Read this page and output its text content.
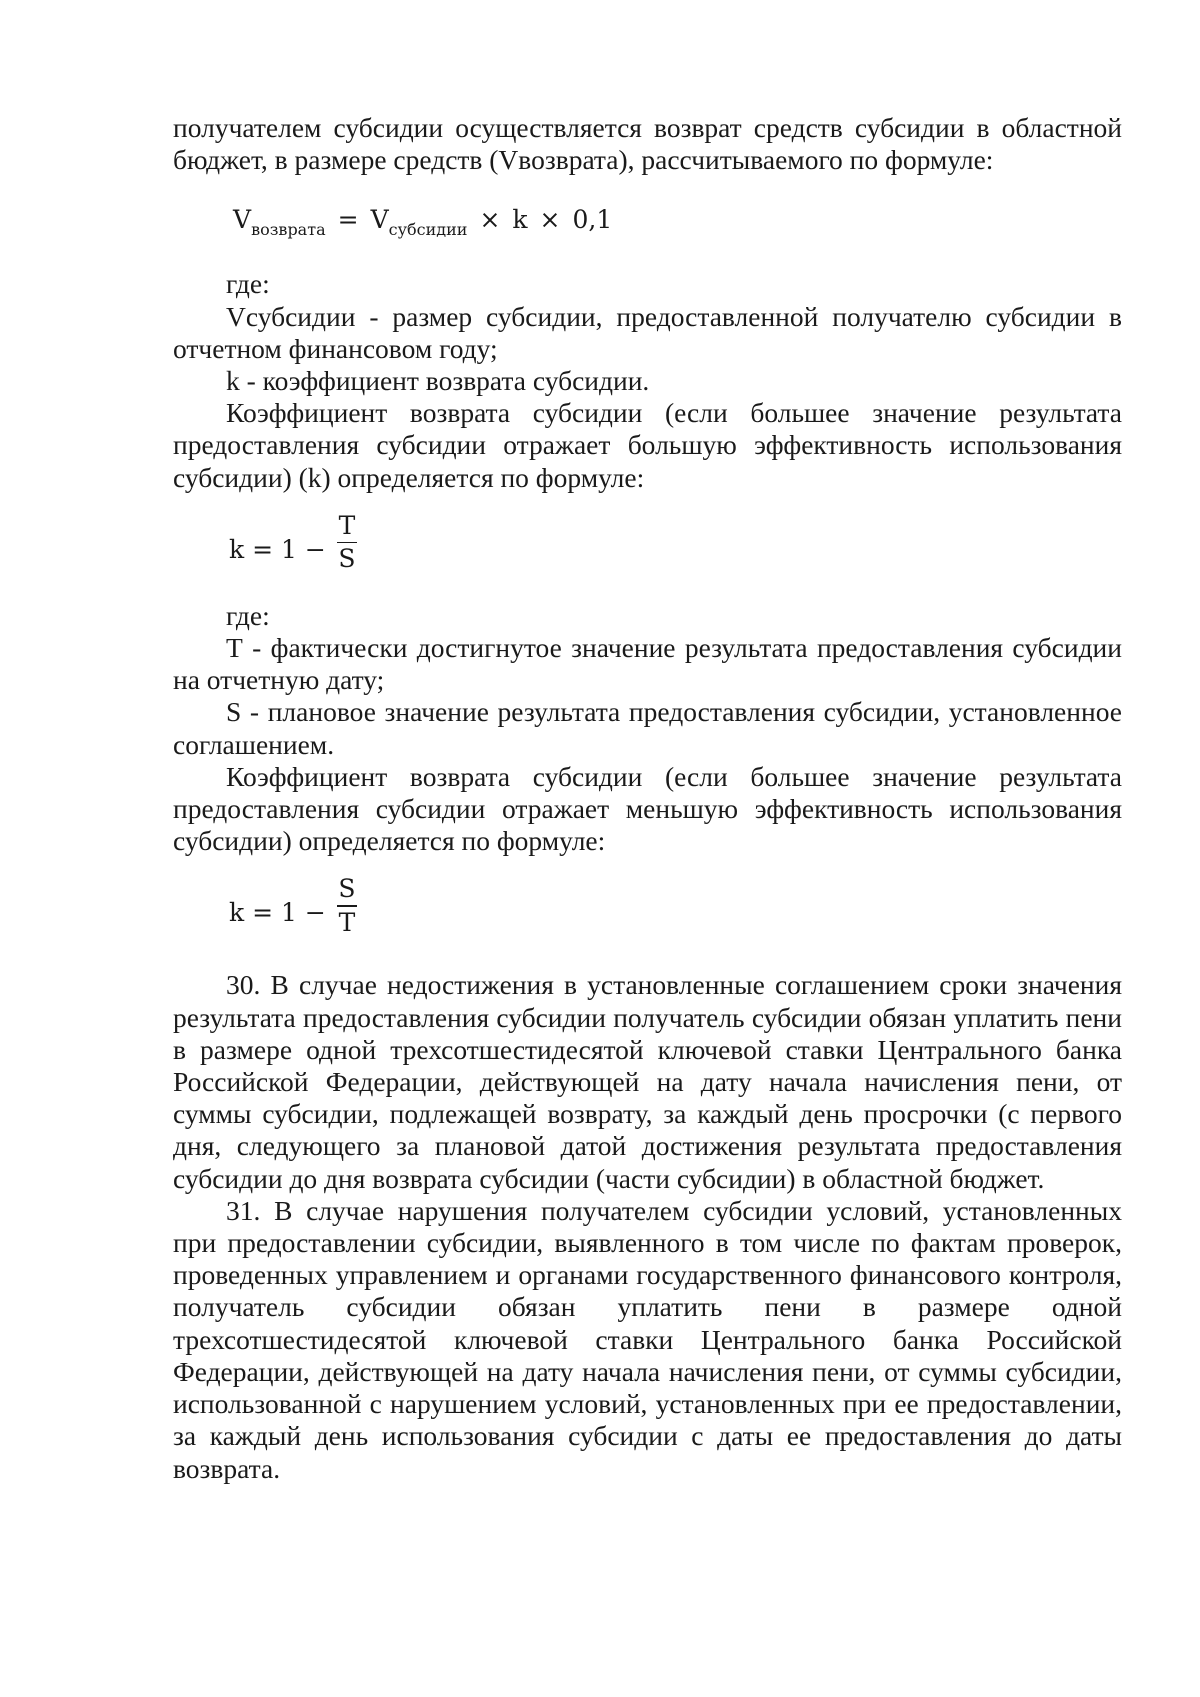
получателем субсидии осуществляется возврат средств субсидии в областной бюджет, в размере средств (Vвозврата), рассчитываемого по формуле:

$V_{возврата} = V_{субсидии} \times k \times 0,1$

где:

Vсубсидии - размер субсидии, предоставленной получателю субсидии в отчетном финансовом году;

k - коэффициент возврата субсидии.

Коэффициент возврата субсидии (если большее значение результата предоставления субсидии отражает большую эффективность использования субсидии) (k) определяется по формуле:

k = 1 −
T
S

где:

Т - фактически достигнутое значение результата предоставления субсидии на отчетную дату;

S - плановое значение результата предоставления субсидии, установленное соглашением.

Коэффициент возврата субсидии (если большее значение результата предоставления субсидии отражает меньшую эффективность использования субсидии) определяется по формуле:

k = 1 −
S
T

30. В случае недостижения в установленные соглашением сроки значения результата предоставления субсидии получатель субсидии обязан уплатить пени в размере одной трехсотшестидесятой ключевой ставки Центрального банка Российской Федерации, действующей на дату начала начисления пени, от суммы субсидии, подлежащей возврату, за каждый день просрочки (с первого дня, следующего за плановой датой достижения результата предоставления субсидии до дня возврата субсидии (части субсидии) в областной бюджет.

31. В случае нарушения получателем субсидии условий, установленных при предоставлении субсидии, выявленного в том числе по фактам проверок, проведенных управлением и органами государственного финансового контроля, получатель субсидии обязан уплатить пени в размере одной трехсотшестидесятой ключевой ставки Центрального банка Российской Федерации, действующей на дату начала начисления пени, от суммы субсидии, использованной с нарушением условий, установленных при ее предоставлении, за каждый день использования субсидии с даты ее предоставления до даты возврата.
